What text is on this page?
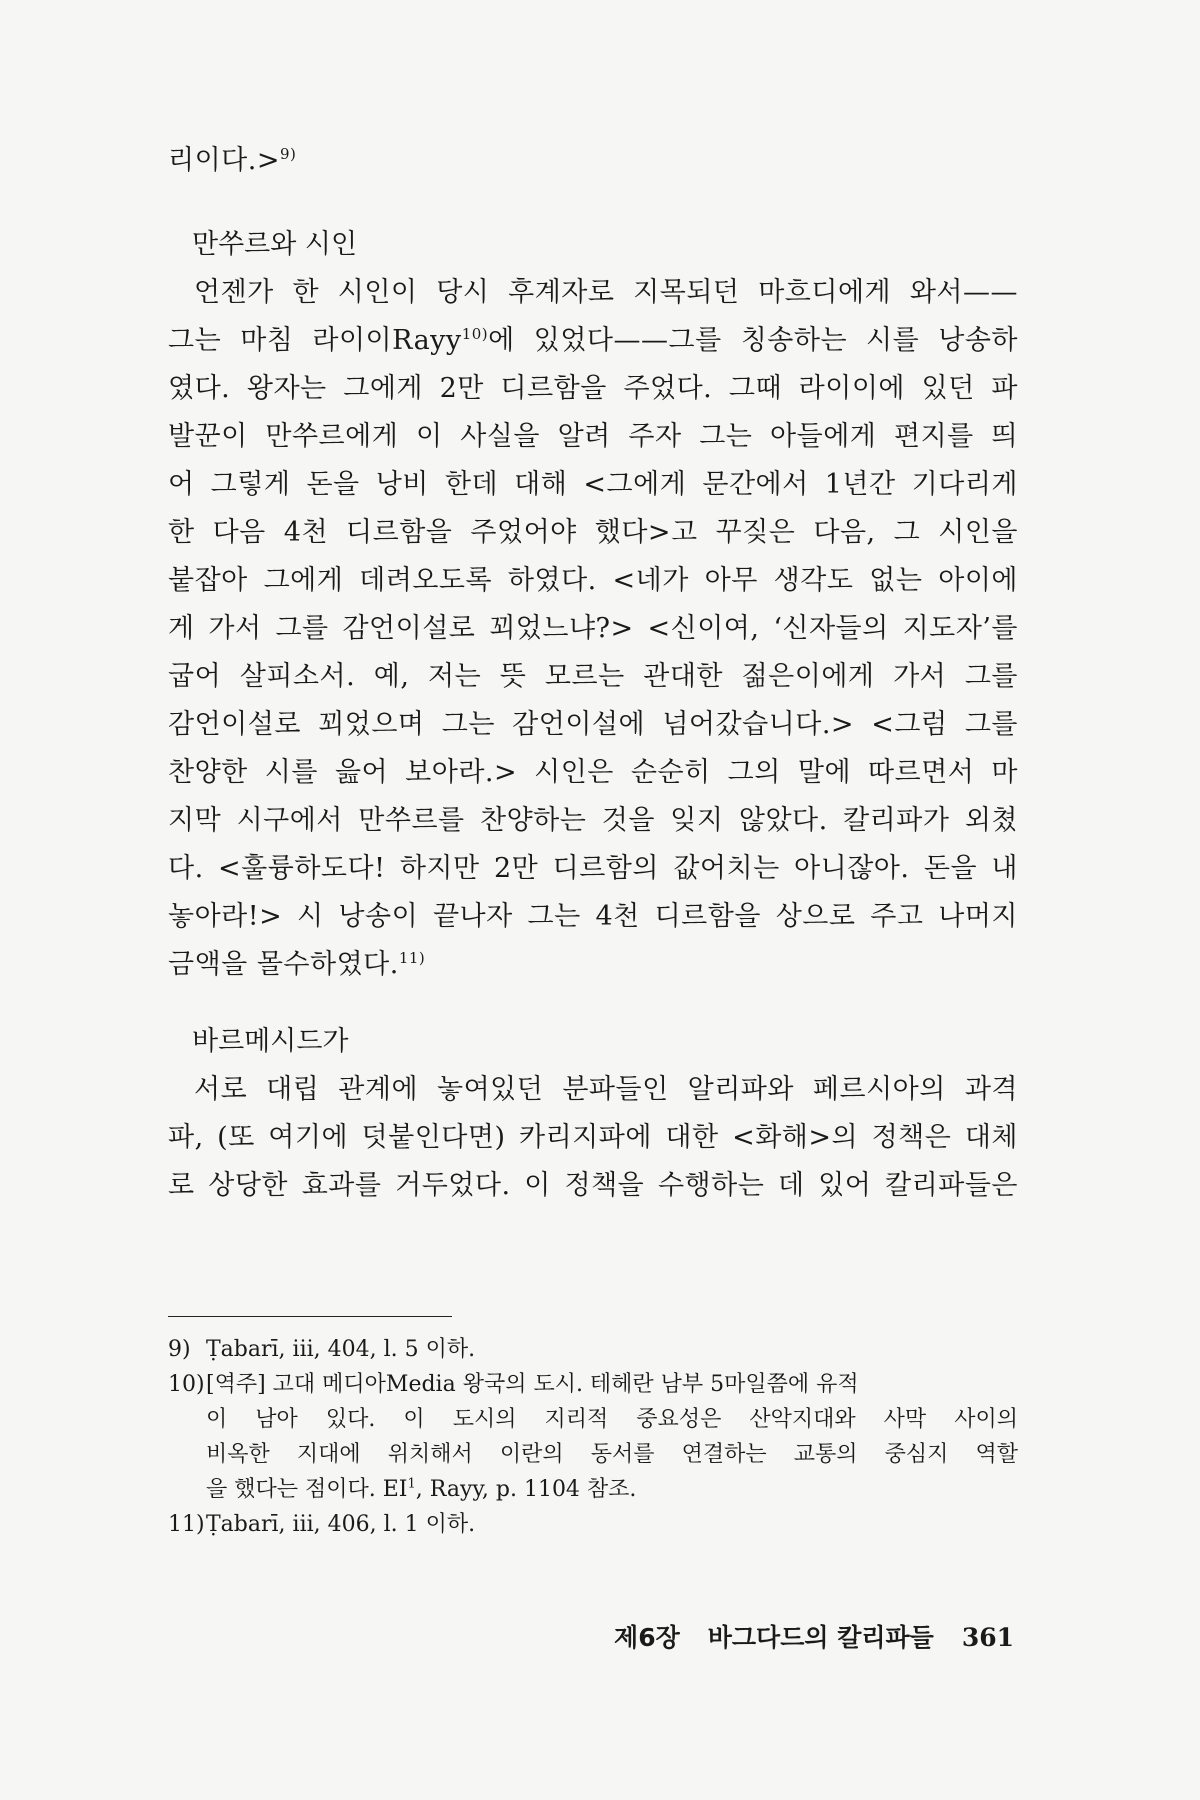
리이다.>$^{9)}$
만쑤르와 시인
언젠가 한 시인이 당시 후계자로 지목되던 마흐디에게 와서——
그는 마침 라이이Rayy$^{10)}$에 있었다——그를 칭송하는 시를 낭송하
였다. 왕자는 그에게 2만 디르함을 주었다. 그때 라이이에 있던 파
발꾼이 만쑤르에게 이 사실을 알려 주자 그는 아들에게 편지를 띄
어 그렇게 돈을 낭비 한데 대해 <그에게 문간에서 1년간 기다리게
한 다음 4천 디르함을 주었어야 했다>고 꾸짖은 다음, 그 시인을
붙잡아 그에게 데려오도록 하였다. <네가 아무 생각도 없는 아이에
게 가서 그를 감언이설로 꾀었느냐?> <신이여, ‘신자들의 지도자’를
굽어 살피소서. 예, 저는 뜻 모르는 관대한 젊은이에게 가서 그를
감언이설로 꾀었으며 그는 감언이설에 넘어갔습니다.> <그럼 그를
찬양한 시를 읊어 보아라.> 시인은 순순히 그의 말에 따르면서 마
지막 시구에서 만쑤르를 찬양하는 것을 잊지 않았다. 칼리파가 외쳤
다. <훌륭하도다! 하지만 2만 디르함의 값어치는 아니잖아. 돈을 내
놓아라!> 시 낭송이 끝나자 그는 4천 디르함을 상으로 주고 나머지
금액을 몰수하였다.$^{11)}$
바르메시드가
서로 대립 관계에 놓여있던 분파들인 알리파와 페르시아의 과격
파, (또 여기에 덧붙인다면) 카리지파에 대한 <화해>의 정책은 대체
로 상당한 효과를 거두었다. 이 정책을 수행하는 데 있어 칼리파들은
9) Ṭabarī, iii, 404, l. 5 이하.
10)[역주] 고대 메디아Media 왕국의 도시. 테헤란 남부 5마일쯤에 유적
이 남아 있다. 이 도시의 지리적 중요성은 산악지대와 사막 사이의
비옥한 지대에 위치해서 이란의 동서를 연결하는 교통의 중심지 역할
을 했다는 점이다. $EI^1$, Rayy, p. 1104 참조.
11)Ṭabarī, iii, 406, l. 1 이하.
제6장 바그다드의 칼리파들 361
